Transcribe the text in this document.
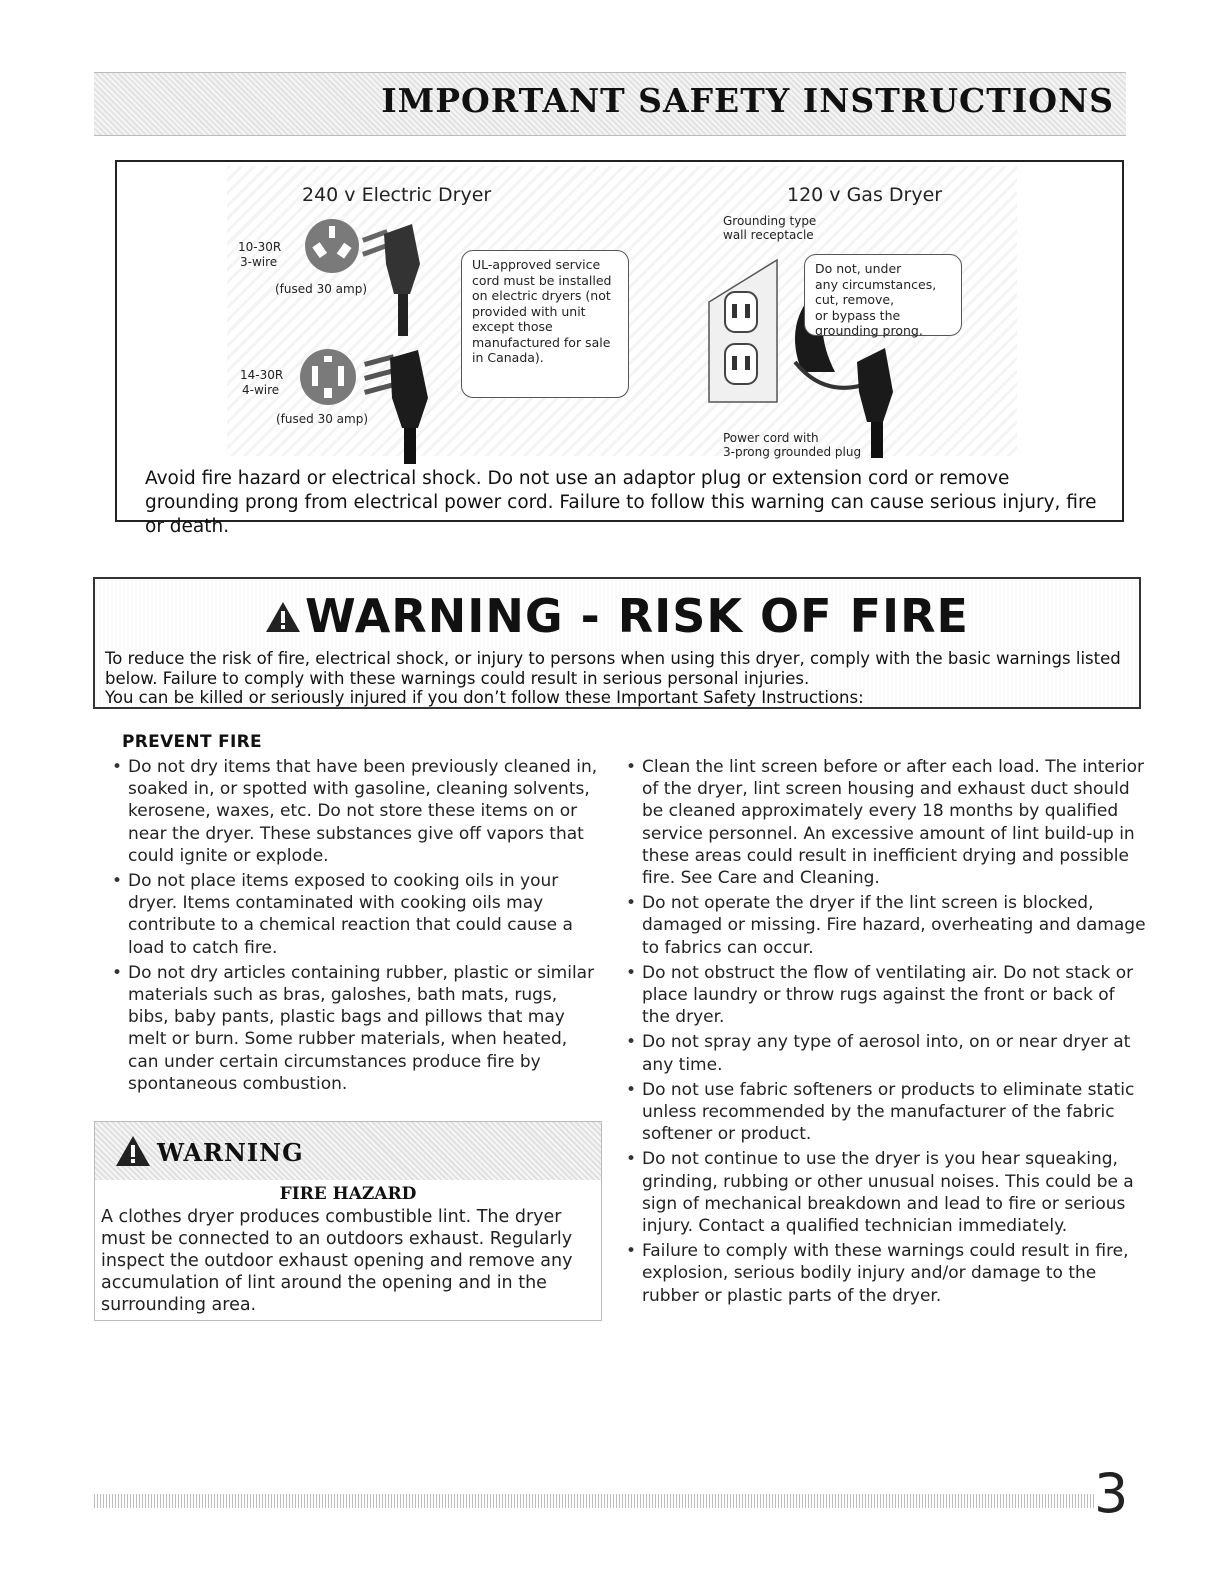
IMPORTANT SAFETY INSTRUCTIONS
240 v Electric Dryer	120 v Gas Dryer
10-30R
3-wire
(fused 30 amp)
14-30R
4-wire
(fused 30 amp)
UL-approved service
cord must be installed
on electric dryers (not
provided with unit
except those
manufactured for sale
in Canada).
Grounding type
wall receptacle
Do not, under
any circumstances,
cut, remove,
or bypass the
grounding prong.
Power cord with
3-prong grounded plug
Avoid fire hazard or electrical shock. Do not use an adaptor plug or extension cord or remove grounding prong from electrical power cord. Failure to follow this warning can cause serious injury, fire or death.
WARNING - RISK OF FIRE
To reduce the risk of fire, electrical shock, or injury to persons when using this dryer, comply with the basic warnings listed below. Failure to comply with these warnings could result in serious personal injuries.
You can be killed or seriously injured if you don’t follow these Important Safety Instructions:
PREVENT FIRE
• Do not dry items that have been previously cleaned in, soaked in, or spotted with gasoline, cleaning solvents, kerosene, waxes, etc. Do not store these items on or near the dryer. These substances give off vapors that could ignite or explode.
• Do not place items exposed to cooking oils in your dryer. Items contaminated with cooking oils may contribute to a chemical reaction that could cause a load to catch fire.
• Do not dry articles containing rubber, plastic or similar materials such as bras, galoshes, bath mats, rugs, bibs, baby pants, plastic bags and pillows that may melt or burn. Some rubber materials, when heated, can under certain circumstances produce fire by spontaneous combustion.
WARNING
FIRE HAZARD
A clothes dryer produces combustible lint. The dryer must be connected to an outdoors exhaust. Regularly inspect the outdoor exhaust opening and remove any accumulation of lint around the opening and in the surrounding area.
• Clean the lint screen before or after each load. The interior of the dryer, lint screen housing and exhaust duct should be cleaned approximately every 18 months by qualified service personnel. An excessive amount of lint build-up in these areas could result in inefficient drying and possible fire. See Care and Cleaning.
• Do not operate the dryer if the lint screen is blocked, damaged or missing. Fire hazard, overheating and damage to fabrics can occur.
• Do not obstruct the flow of ventilating air. Do not stack or place laundry or throw rugs against the front or back of the dryer.
• Do not spray any type of aerosol into, on or near dryer at any time.
• Do not use fabric softeners or products to eliminate static unless recommended by the manufacturer of the fabric softener or product.
• Do not continue to use the dryer is you hear squeaking, grinding, rubbing or other unusual noises. This could be a sign of mechanical breakdown and lead to fire or serious injury. Contact a qualified technician immediately.
• Failure to comply with these warnings could result in fire, explosion, serious bodily injury and/or damage to the rubber or plastic parts of the dryer.
3
